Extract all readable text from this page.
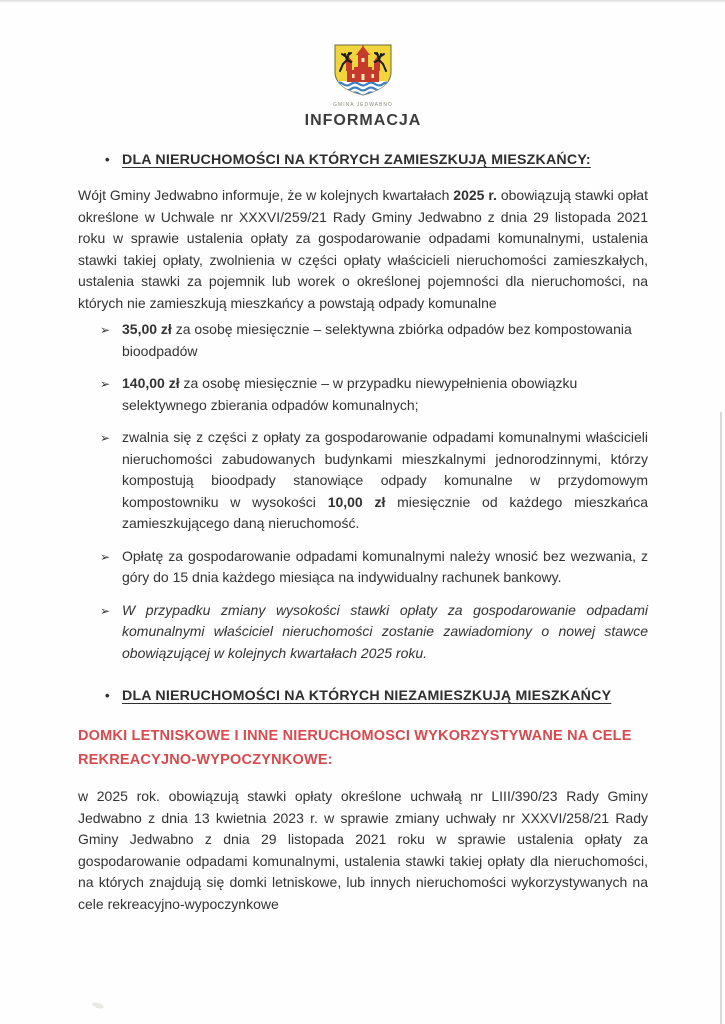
GMINA JEDWABNO
INFORMACJA
• DLA NIERUCHOMOŚCI NA KTÓRYCH ZAMIESZKUJĄ MIESZKAŃCY:

Wójt Gminy Jedwabno informuje, że w kolejnych kwartałach 2025 r. obowiązują stawki opłat określone w Uchwale nr XXXVI/259/21 Rady Gminy Jedwabno z dnia 29 listopada 2021 roku w sprawie ustalenia opłaty za gospodarowanie odpadami komunalnymi, ustalenia stawki takiej opłaty, zwolnienia w części opłaty właścicieli nieruchomości zamieszkałych, ustalenia stawki za pojemnik lub worek o określonej pojemności dla nieruchomości, na których nie zamieszkują mieszkańcy a powstają odpady komunalne

➢ 35,00 zł za osobę miesięcznie – selektywna zbiórka odpadów bez kompostowania bioodpadów
➢ 140,00 zł za osobę miesięcznie – w przypadku niewypełnienia obowiązku selektywnego zbierania odpadów komunalnych;
➢ zwalnia się z części z opłaty za gospodarowanie odpadami komunalnymi właścicieli nieruchomości zabudowanych budynkami mieszkalnymi jednorodzinnymi, którzy kompostują bioodpady stanowiące odpady komunalne w przydomowym kompostowniku w wysokości 10,00 zł miesięcznie od każdego mieszkańca zamieszkującego daną nieruchomość.
➢ Opłatę za gospodarowanie odpadami komunalnymi należy wnosić bez wezwania, z góry do 15 dnia każdego miesiąca na indywidualny rachunek bankowy.
➢ W przypadku zmiany wysokości stawki opłaty za gospodarowanie odpadami komunalnymi właściciel nieruchomości zostanie zawiadomiony o nowej stawce obowiązującej w kolejnych kwartałach 2025 roku.
• DLA NIERUCHOMOŚCI NA KTÓRYCH NIEZAMIESZKUJĄ MIESZKAŃCY

DOMKI LETNISKOWE I INNE NIERUCHOMOSCI WYKORZYSTYWANE NA CELE REKREACYJNO-WYPOCZYNKOWE:

w 2025 rok. obowiązują stawki opłaty określone uchwałą nr LIII/390/23 Rady Gminy Jedwabno z dnia 13 kwietnia 2023 r. w sprawie zmiany uchwały nr XXXVI/258/21 Rady Gminy Jedwabno z dnia 29 listopada 2021 roku w sprawie ustalenia opłaty za gospodarowanie odpadami komunalnymi, ustalenia stawki takiej opłaty dla nieruchomości, na których znajdują się domki letniskowe, lub innych nieruchomości wykorzystywanych na cele rekreacyjno-wypoczynkowe
